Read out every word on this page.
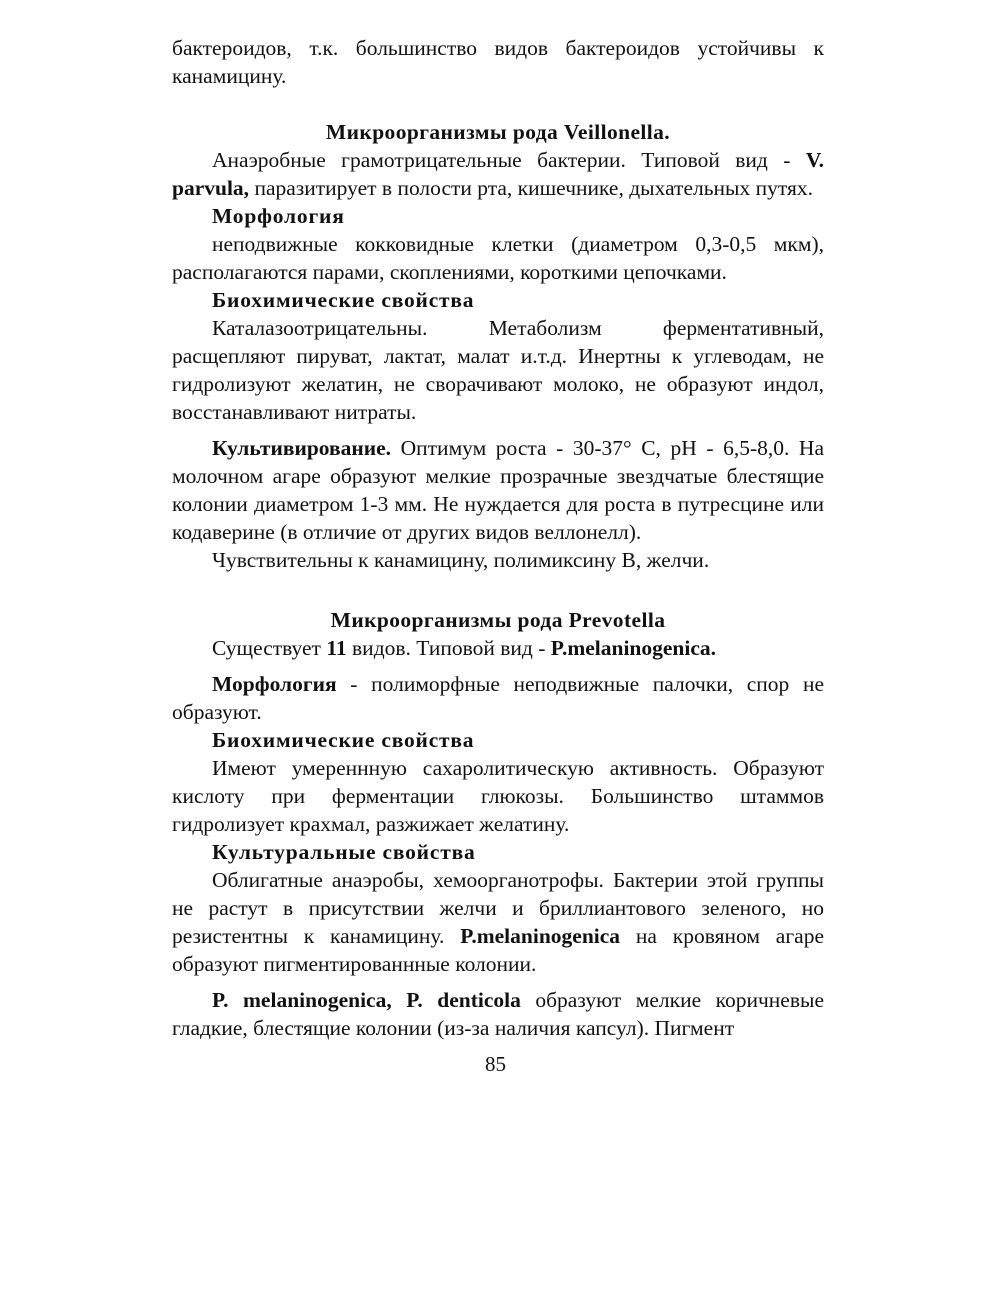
бактероидов, т.к. большинство видов бактероидов устойчивы к канамицину.

Микроорганизмы рода Veillonella.

Анаэробные грамотрицательные бактерии. Типовой вид - V. parvula, паразитирует в полости рта, кишечнике, дыхательных путях.

Морфология

неподвижные кокковидные клетки (диаметром 0,3-0,5 мкм), располагаются парами, скоплениями, короткими цепочками.

Биохимические свойства

Каталазоотрицательны. Метаболизм ферментативный, расщепляют пируват, лактат, малат и.т.д. Инертны к углеводам, не гидролизуют желатин, не сворачивают молоко, не образуют индол, восстанавливают нитраты.

Культивирование. Оптимум роста - 30-37° С, pH - 6,5-8,0. На молочном агаре образуют мелкие прозрачные звездчатые блестящие колонии диаметром 1-3 мм. Не нуждается для роста в путресцине или кодаверине (в отличие от других видов веллонелл).

Чувствительны к канамицину, полимиксину В, желчи.

Микроорганизмы рода Prevotella

Существует 11 видов. Типовой вид - P.melaninogenica.

Морфология - полиморфные неподвижные палочки, спор не образуют.

Биохимические свойства

Имеют умереннную сахаролитическую активность. Образуют кислоту при ферментации глюкозы. Большинство штаммов гидролизует крахмал, разжижает желатину.

Культуральные свойства

Облигатные анаэробы, хемоорганотрофы. Бактерии этой группы не растут в присутствии желчи и бриллиантового зеленого, но резистентны к канамицину. P.melaninogenica на кровяном агаре образуют пигментированнные колонии.

P. melaninogenica, P. denticola образуют мелкие коричневые гладкие, блестящие колонии (из-за наличия капсул). Пигмент

85
